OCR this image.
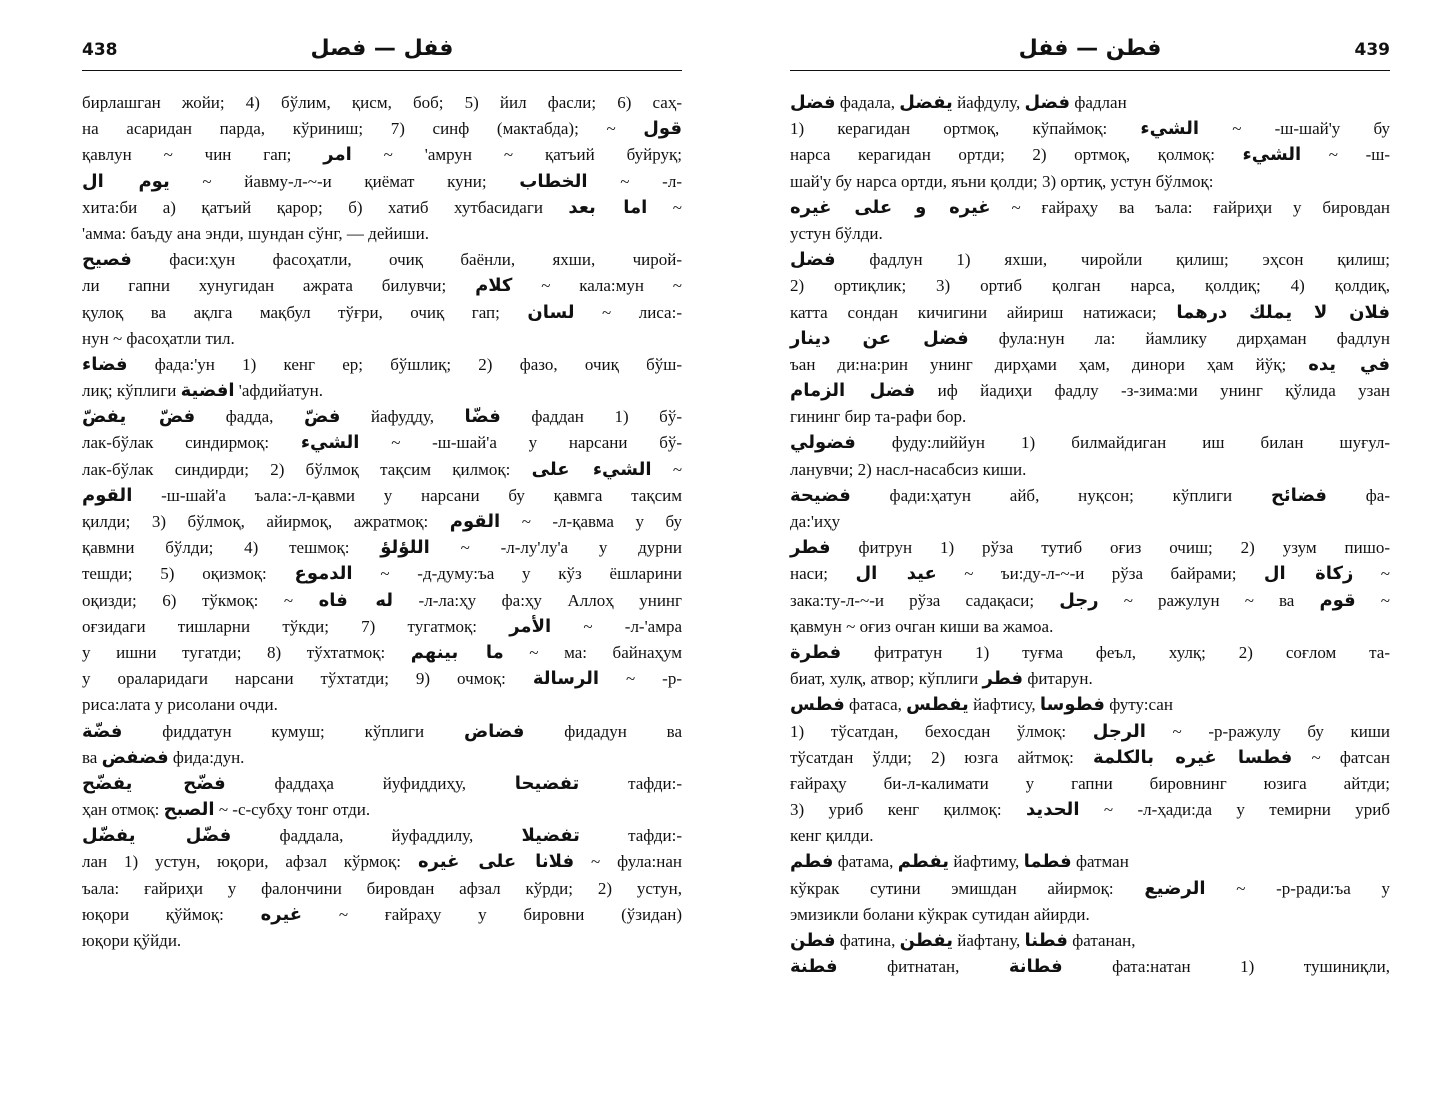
438	ففل — فصل
бирлашган жойи; 4) бўлим, қисм, боб; 5) йил фасли; 6) саҳ-
на асаридан парда, кўриниш; 7) синф (мактабда); ~ قول
қавлун ~ чин гап; امر ~ 'амрун ~ қатъий буйруқ;
يوم ال ~ йавму-л-~-и қиёмат куни; الخطاب ~ -л-
хита:би а) қатъий қарор; б) хатиб хутбасидаги اما بعد ~
'амма: баъду ана энди, шундан сўнг, — дейиши.
فصيح фаси:ҳун фасоҳатли, очиқ баёнли, яхши, чирой-
ли гапни хунугидан ажрата билувчи; كلام ~ кала:мун ~
қулоқ ва ақлга мақбул тўғри, очиқ гап; لسان ~ лиса:-
нун ~ фасоҳатли тил.
فضاء фада:'ун 1) кенг ер; бўшлиқ; 2) фазо, очиқ бўш-
лиқ; кўплиги افضية 'афдийатун.
فضّ يفضّ фадда, فضّ йафудду, فضّا фаддан 1) бў-
лак-бўлак синдирмоқ: الشيء ~ -ш-шай'а у нарсани бў-
лак-бўлак синдирди; 2) бўлмоқ тақсим қилмоқ: الشيء على ~
القوم -ш-шай'а ъала:-л-қавми у нарсани бу қавмга тақсим
қилди; 3) бўлмоқ, айирмоқ, ажратмоқ: القوم ~ -л-қавма у бу
қавмни бўлди; 4) тешмоқ: اللؤلؤ ~ -л-лу'лу'а у дурни
тешди; 5) оқизмоқ: الدموع ~ -д-думу:ъа у кўз ёшларини
оқизди; 6) тўкмоқ: ~ له فاه -л-ла:ҳу фа:ҳу Аллоҳ унинг
оғзидаги тишларни тўкди; 7) тугатмоқ: الأمر ~ -л-'амра
у ишни тугатди; 8) тўхтатмоқ: ما بينهم ~ ма: байнаҳум
у ораларидаги нарсани тўхтатди; 9) очмоқ: الرسالة ~ -р-
риса:лата у рисолани очди.
فضّة фиддатун кумуш; кўплиги فضاض фидадун ва
ва فضفض фида:дун.
فضّح يفضّح фаддаҳа йуфиддиҳу, تفضيحا тафди:-
ҳан отмоқ: الصبح ~ -с-субҳу тонг отди.
فضّل يفضّل фаддала, йуфаддилу, تفضيلا тафди:-
лан 1) устун, юқори, афзал кўрмоқ: فلانا على غيره ~ фула:нан
ъала: ғайриҳи у фалончини бировдан афзал кўрди; 2) устун,
юқори қўймоқ: غيره ~ ғайраҳу у бировни (ўзидан)
юқори қўйди.
فطن — ففل	439
فضل фадала, يفضل йафдулу, فضل фадлан
1) керагидан ортмоқ, кўпаймоқ: الشيء ~ -ш-шай'у бу
нарса керагидан ортди; 2) ортмоқ, қолмоқ: الشيء ~ -ш-
шай'у бу нарса ортди, яъни қолди; 3) ортиқ, устун бўлмоқ:
غيره و على غيره ~ ғайраҳу ва ъала: ғайриҳи у бировдан
устун бўлди.
فضل фадлун 1) яхши, чиройли қилиш; эҳсон қилиш;
2) ортиқлик; 3) ортиб қолган нарса, қолдиқ; 4) қолдиқ,
катта сондан кичигини айириш натижаси; فلان لا يملك درهما
فضل عن دينار фула:нун ла: йамлику дирҳаман фадлун
ъан ди:на:рин унинг дирҳами ҳам, динори ҳам йўқ; في يده
فضل الزمام иф йадиҳи фадлу -з-зима:ми унинг қўлида узан
гининг бир та-рафи бор.
فضولي фуду:лиййун 1) билмайдиган иш билан шуғул-
ланувчи; 2) насл-насабсиз киши.
فضيحة фади:ҳатун айб, нуқсон; кўплиги فضائح фа-
да:'иҳу
فطر фитрун 1) рўза тутиб оғиз очиш; 2) узум пишо-
наси; عيد ال ~ ъи:ду-л-~-и рўза байрами; زكاة ال ~
зака:ту-л-~-и рўза садақаси; رجل ~ ражулун ~ ва قوم ~
қавмун ~ оғиз очган киши ва жамоа.
فطرة фитратун 1) туғма феъл, хулқ; 2) соғлом та-
биат, хулқ, атвор; кўплиги فطر фитарун.
فطس фатаса, يفطس йафтису, فطوسا футу:сан
1) тўсатдан, бехосдан ўлмоқ: الرجل ~ -р-ражулу бу киши
тўсатдан ўлди; 2) юзга айтмоқ: فطسا غيره بالكلمة ~ фатсан
ғайраҳу би-л-калимати у гапни бировнинг юзига айтди;
3) уриб кенг қилмоқ: الحديد ~ -л-ҳади:да у темирни уриб
кенг қилди.
فطم фатама, يفطم йафтиму, فطما фатман
кўкрак сутини эмишдан айирмоқ: الرضيع ~ -р-ради:ъа у
эмизикли болани кўкрак сутидан айирди.
فطن фатина, يفطن йафтану, فطنا фатанан,
فطنة фитнатан, فطانة фата:натан 1) тушиниқли,
